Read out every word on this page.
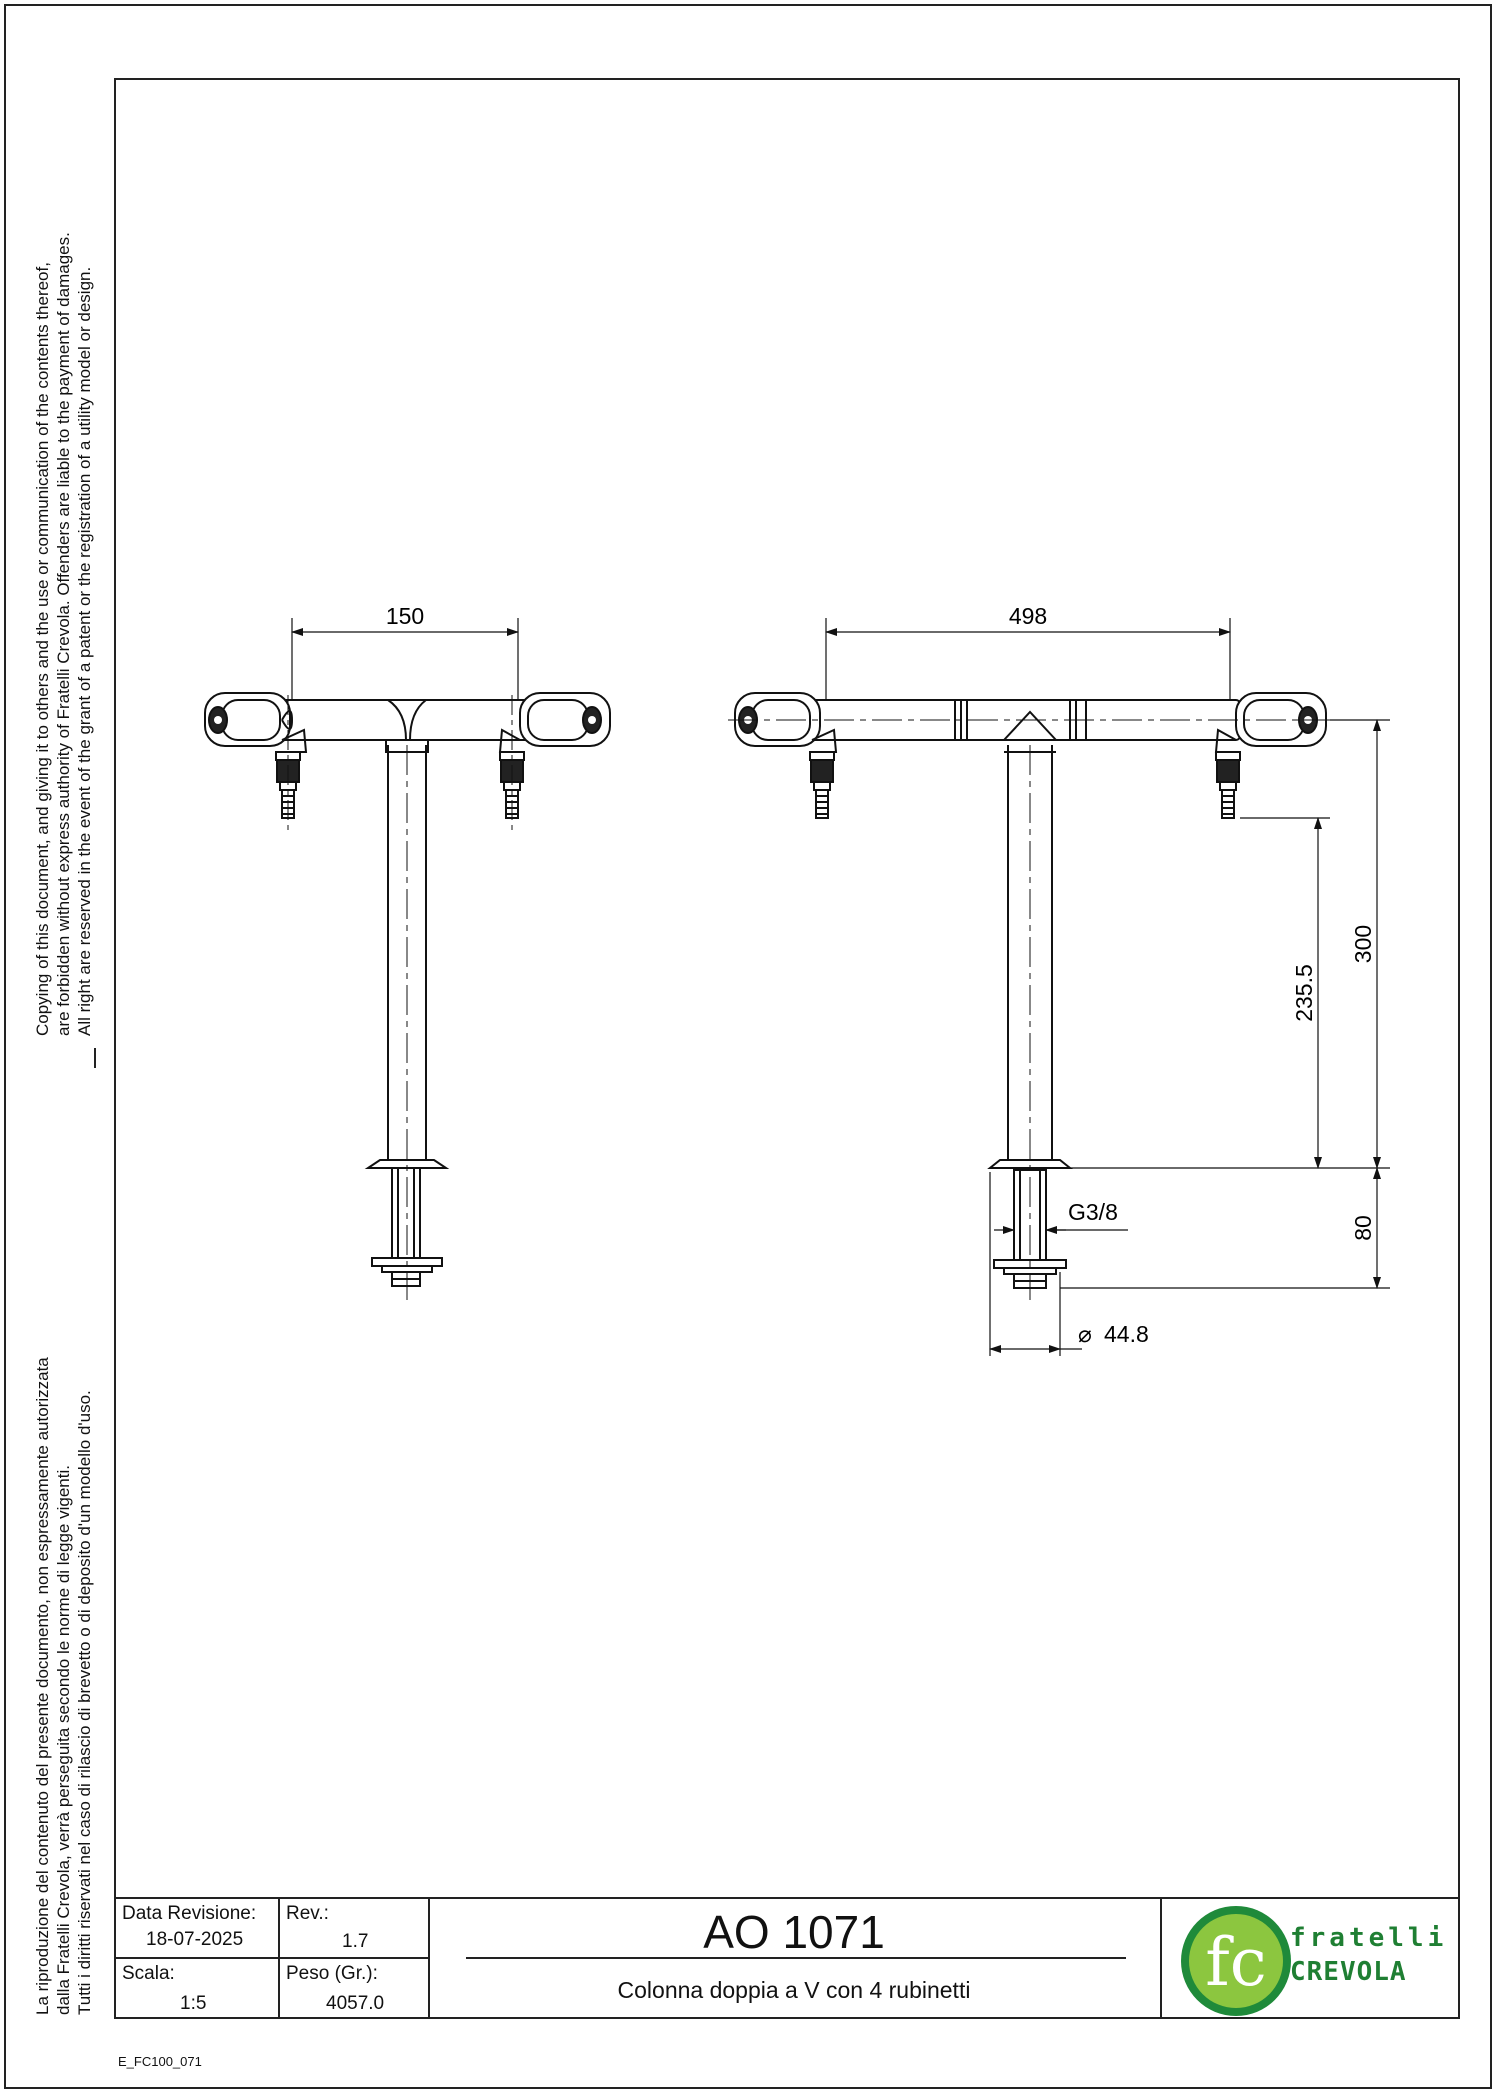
Copying of this document, and giving it to others and the use or communication of the contents thereof, are forbidden without express authority of Fratelli Crevola. Offenders are liable to the payment of damages. All right are reserved in the event of the grant of a patent or the registration of a utility model or design.
La riproduzione del contenuto del presente documento, non espressamente autorizzata dalla Fratelli Crevola, verrà perseguita secondo le norme di legge vigenti. Tutti i diritti riservati nel caso di rilascio di brevetto o di deposito d'un modello d'uso.
150	498
300
235.5
80
G3/8
⌀ 44.8
Data Revisione:
18-07-2025
Rev.:
1.7
Scala:
1:5
Peso (Gr.):
4057.0
AO 1071
Colonna doppia a V con 4 rubinetti	fc fratelli
CREVOLA
E_FC100_071
